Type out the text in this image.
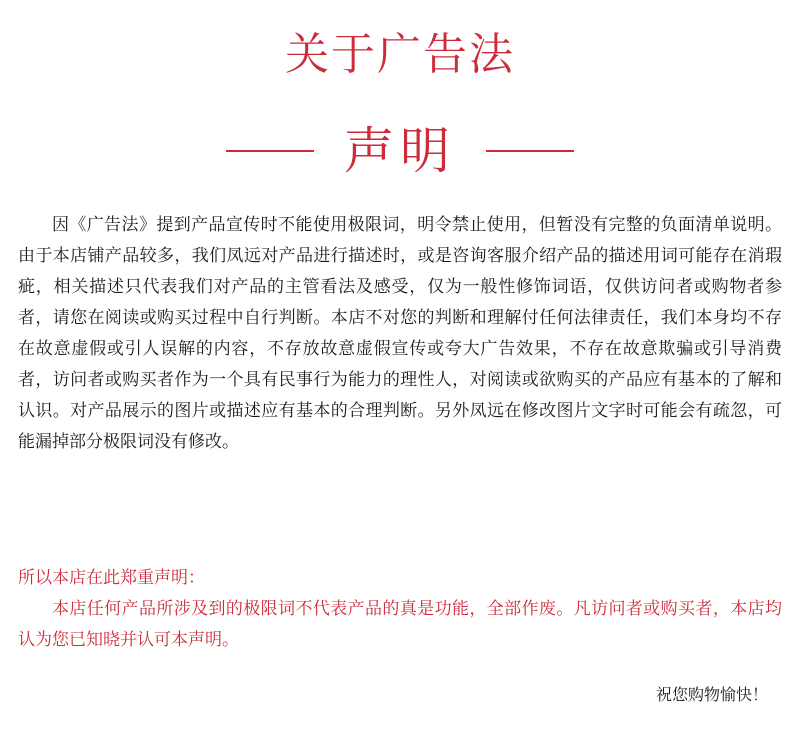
关于广告法
声明

因《广告法》提到产品宣传时不能使用极限词，明令禁止使用，但暂没有完整的负面清单说明。由于本店铺产品较多，我们凤远对产品进行描述时，或是咨询客服介绍产品的描述用词可能存在消瑕疵，相关描述只代表我们对产品的主管看法及感受，仅为一般性修饰词语，仅供访问者或购物者参者，请您在阅读或购买过程中自行判断。本店不对您的判断和理解付任何法律责任，我们本身均不存在故意虚假或引人误解的内容，不存放故意虚假宣传或夸大广告效果，不存在故意欺骗或引导消费者，访问者或购买者作为一个具有民事行为能力的理性人，对阅读或欲购买的产品应有基本的了解和认识。对产品展示的图片或描述应有基本的合理判断。另外凤远在修改图片文字时可能会有疏忽，可能漏掉部分极限词没有修改。

所以本店在此郑重声明：

本店任何产品所涉及到的极限词不代表产品的真是功能，全部作废。凡访问者或购买者，本店均认为您已知晓并认可本声明。

祝您购物愉快！
